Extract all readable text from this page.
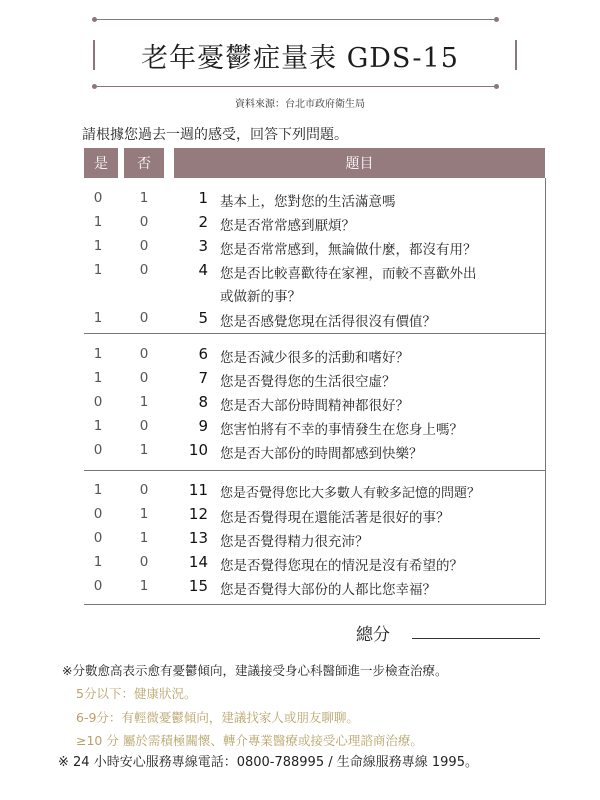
老年憂鬱症量表 GDS-15
資料來源：台北市政府衛生局
請根據您過去一週的感受，回答下列問題。
是	否	題目
0	1	1 基本上，您對您的生活滿意嗎
1	0	2 您是否常常感到厭煩？
1	0	3 您是否常常感到，無論做什麼，都沒有用？
1	0	4 您是否比較喜歡待在家裡，而較不喜歡外出
或做新的事？
1	0	5 您是否感覺您現在活得很沒有價值？
1	0	6 您是否減少很多的活動和嗜好？
1	0	7 您是否覺得您的生活很空虛？
0	1	8 您是否大部份時間精神都很好？
1	0	9 您害怕將有不幸的事情發生在您身上嗎？
0	1	10 您是否大部份的時間都感到快樂？
1	0	11 您是否覺得您比大多數人有較多記憶的問題？
0	1	12 您是否覺得現在還能活著是很好的事？
0	1	13 您是否覺得精力很充沛？
1	0	14 您是否覺得您現在的情況是沒有希望的？
0	1	15 您是否覺得大部份的人都比您幸福？
總分
※分數愈高表示愈有憂鬱傾向，建議接受身心科醫師進一步檢查治療。
5分以下：健康狀況。
6-9分：有輕微憂鬱傾向，建議找家人或朋友聊聊。
≥10 分 屬於需積極關懷、轉介專業醫療或接受心理諮商治療。
※ 24 小時安心服務專線電話：0800-788995 / 生命線服務專線 1995。
